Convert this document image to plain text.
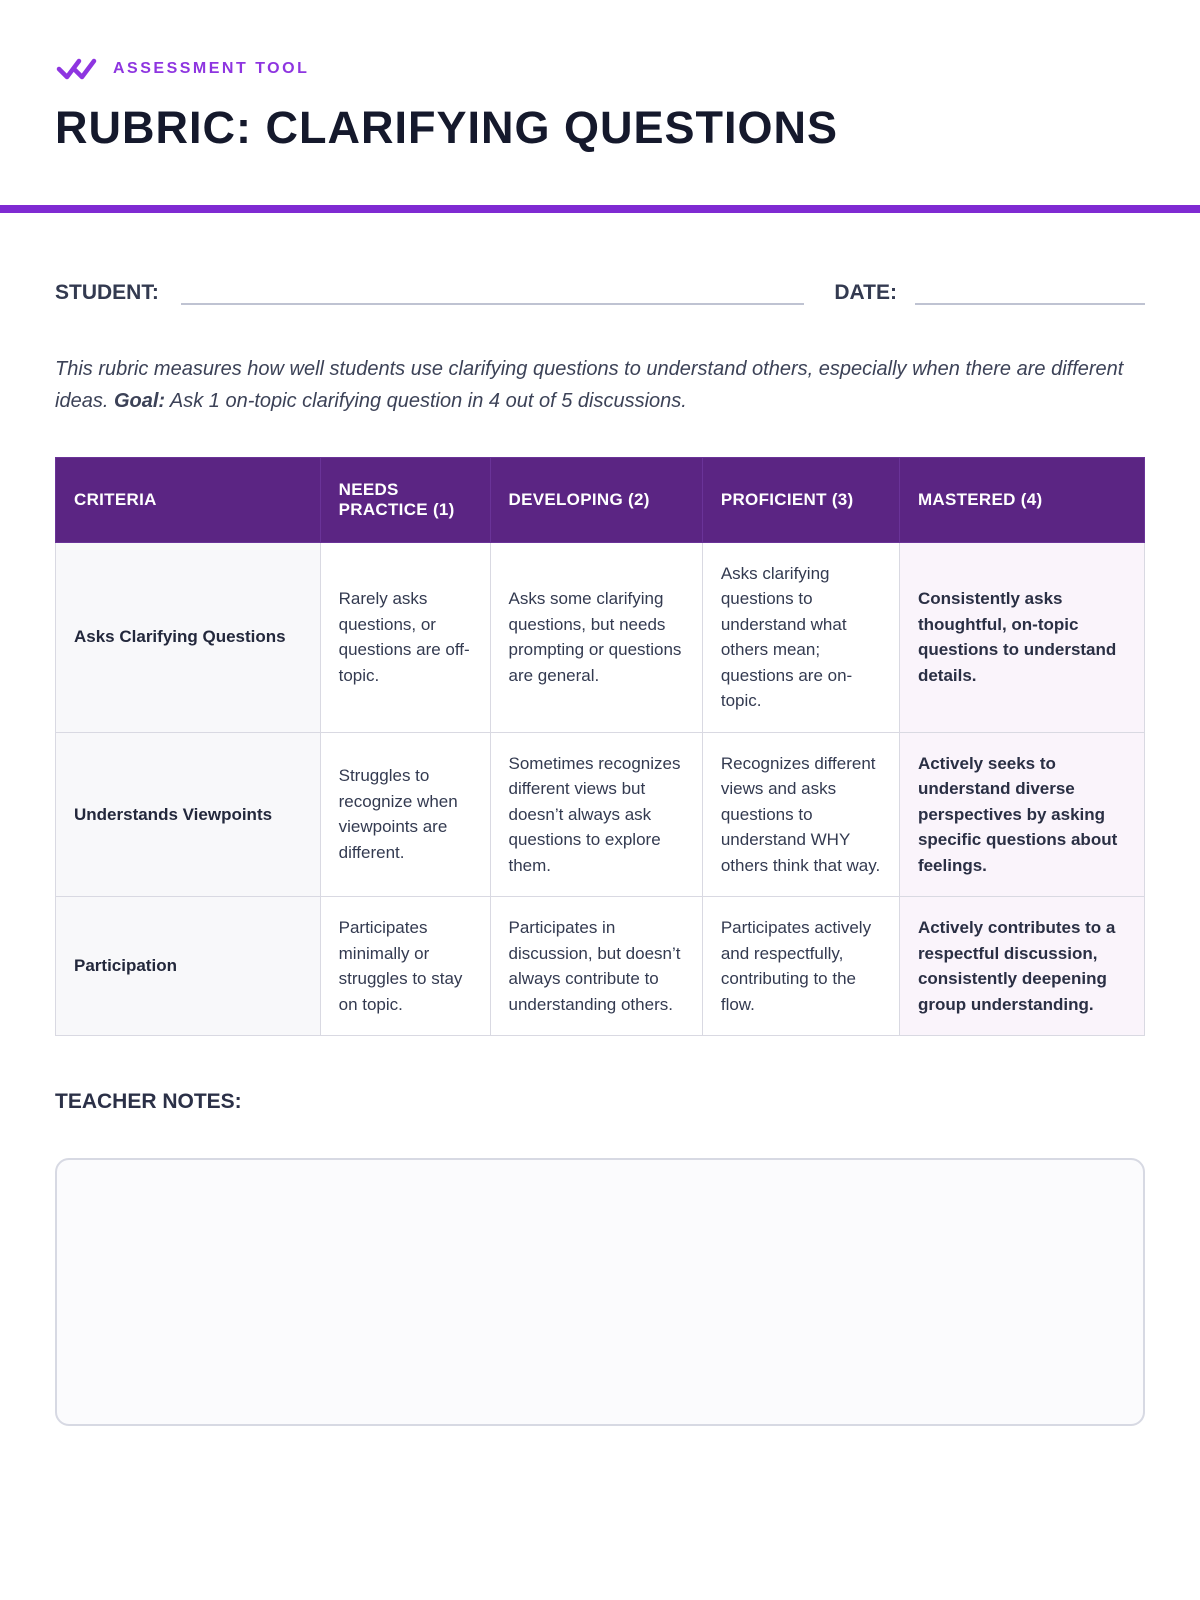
ASSESSMENT TOOL
RUBRIC: CLARIFYING QUESTIONS
STUDENT:	DATE:

This rubric measures how well students use clarifying questions to understand others, especially when there are different ideas. Goal: Ask 1 on-topic clarifying question in 4 out of 5 discussions.

CRITERIA	NEEDS PRACTICE (1)	DEVELOPING (2)	PROFICIENT (3)	MASTERED (4)
Asks Clarifying Questions	Rarely asks questions, or questions are off-topic.	Asks some clarifying questions, but needs prompting or questions are general.	Asks clarifying questions to understand what others mean; questions are on-topic.	Consistently asks thoughtful, on-topic questions to understand details.
Understands Viewpoints	Struggles to recognize when viewpoints are different.	Sometimes recognizes different views but doesn’t always ask questions to explore them.	Recognizes different views and asks questions to understand WHY others think that way.	Actively seeks to understand diverse perspectives by asking specific questions about feelings.
Participation	Participates minimally or struggles to stay on topic.	Participates in discussion, but doesn’t always contribute to understanding others.	Participates actively and respectfully, contributing to the flow.	Actively contributes to a respectful discussion, consistently deepening group understanding.
TEACHER NOTES:
